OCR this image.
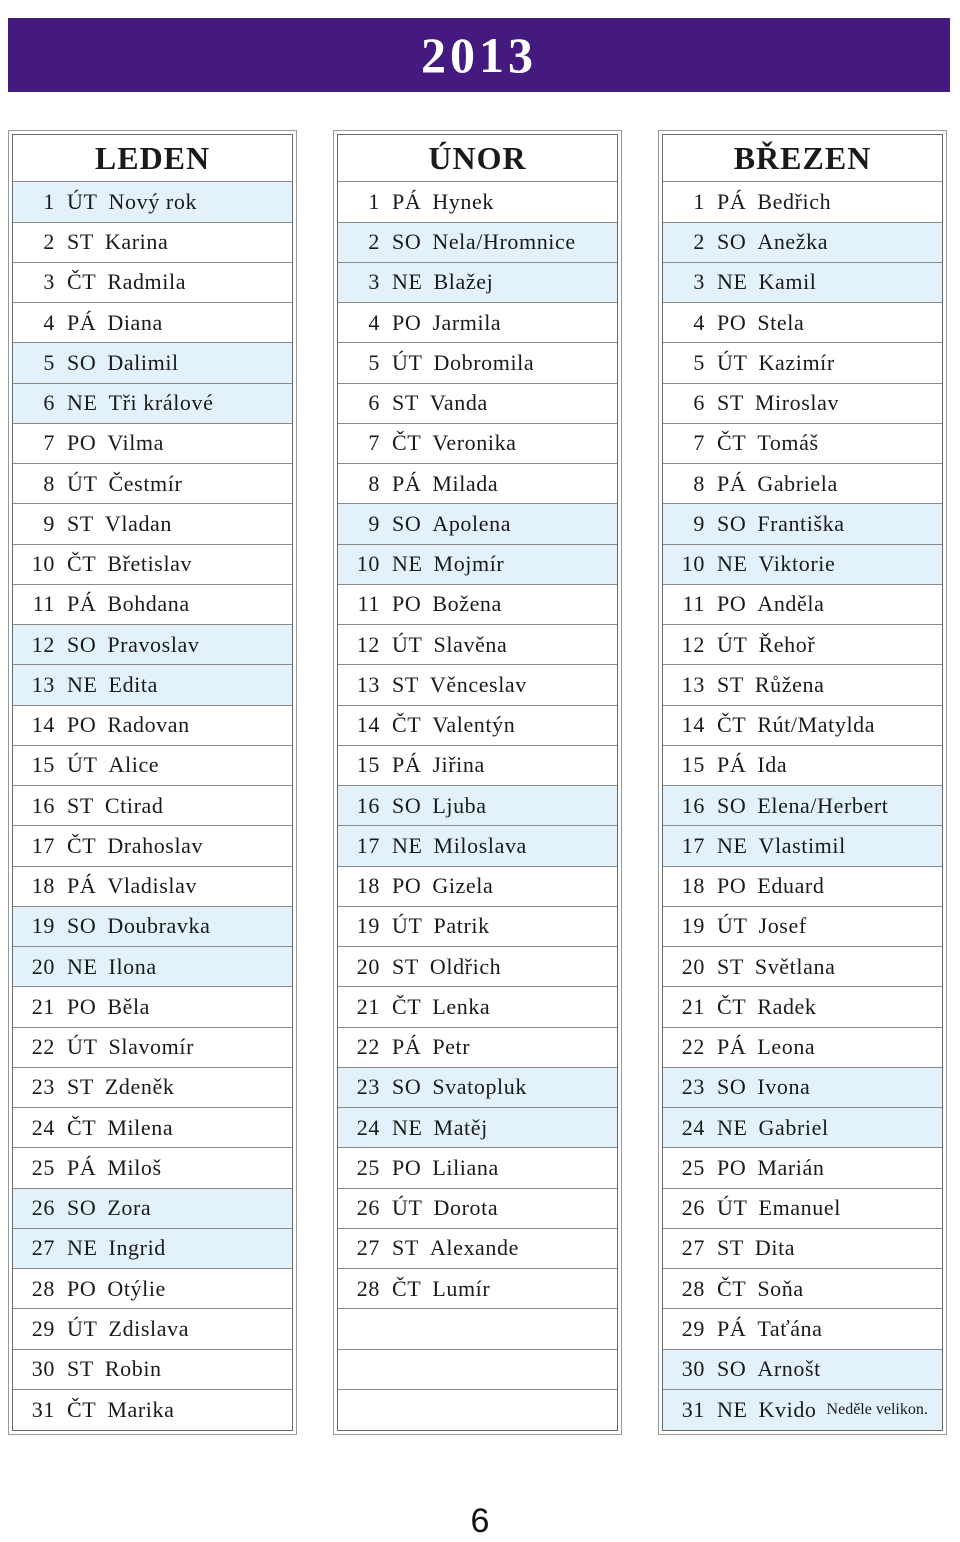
2013
LEDEN
1 ÚT Nový rok
2 ST Karina
3 ČT Radmila
4 PÁ Diana
5 SO Dalimil
6 NE Tři králové
7 PO Vilma
8 ÚT Čestmír
9 ST Vladan
10 ČT Břetislav
11 PÁ Bohdana
12 SO Pravoslav
13 NE Edita
14 PO Radovan
15 ÚT Alice
16 ST Ctirad
17 ČT Drahoslav
18 PÁ Vladislav
19 SO Doubravka
20 NE Ilona
21 PO Běla
22 ÚT Slavomír
23 ST Zdeněk
24 ČT Milena
25 PÁ Miloš
26 SO Zora
27 NE Ingrid
28 PO Otýlie
29 ÚT Zdislava
30 ST Robin
31 ČT Marika
ÚNOR
1 PÁ Hynek
2 SO Nela/Hromnice
3 NE Blažej
4 PO Jarmila
5 ÚT Dobromila
6 ST Vanda
7 ČT Veronika
8 PÁ Milada
9 SO Apolena
10 NE Mojmír
11 PO Božena
12 ÚT Slavěna
13 ST Věnceslav
14 ČT Valentýn
15 PÁ Jiřina
16 SO Ljuba
17 NE Miloslava
18 PO Gizela
19 ÚT Patrik
20 ST Oldřich
21 ČT Lenka
22 PÁ Petr
23 SO Svatopluk
24 NE Matěj
25 PO Liliana
26 ÚT Dorota
27 ST Alexande
28 ČT Lumír
BŘEZEN
1 PÁ Bedřich
2 SO Anežka
3 NE Kamil
4 PO Stela
5 ÚT Kazimír
6 ST Miroslav
7 ČT Tomáš
8 PÁ Gabriela
9 SO Františka
10 NE Viktorie
11 PO Anděla
12 ÚT Řehoř
13 ST Růžena
14 ČT Rút/Matylda
15 PÁ Ida
16 SO Elena/Herbert
17 NE Vlastimil
18 PO Eduard
19 ÚT Josef
20 ST Světlana
21 ČT Radek
22 PÁ Leona
23 SO Ivona
24 NE Gabriel
25 PO Marián
26 ÚT Emanuel
27 ST Dita
28 ČT Soňa
29 PÁ Taťána
30 SO Arnošt
31 NE Kvido Neděle velikon.
6
